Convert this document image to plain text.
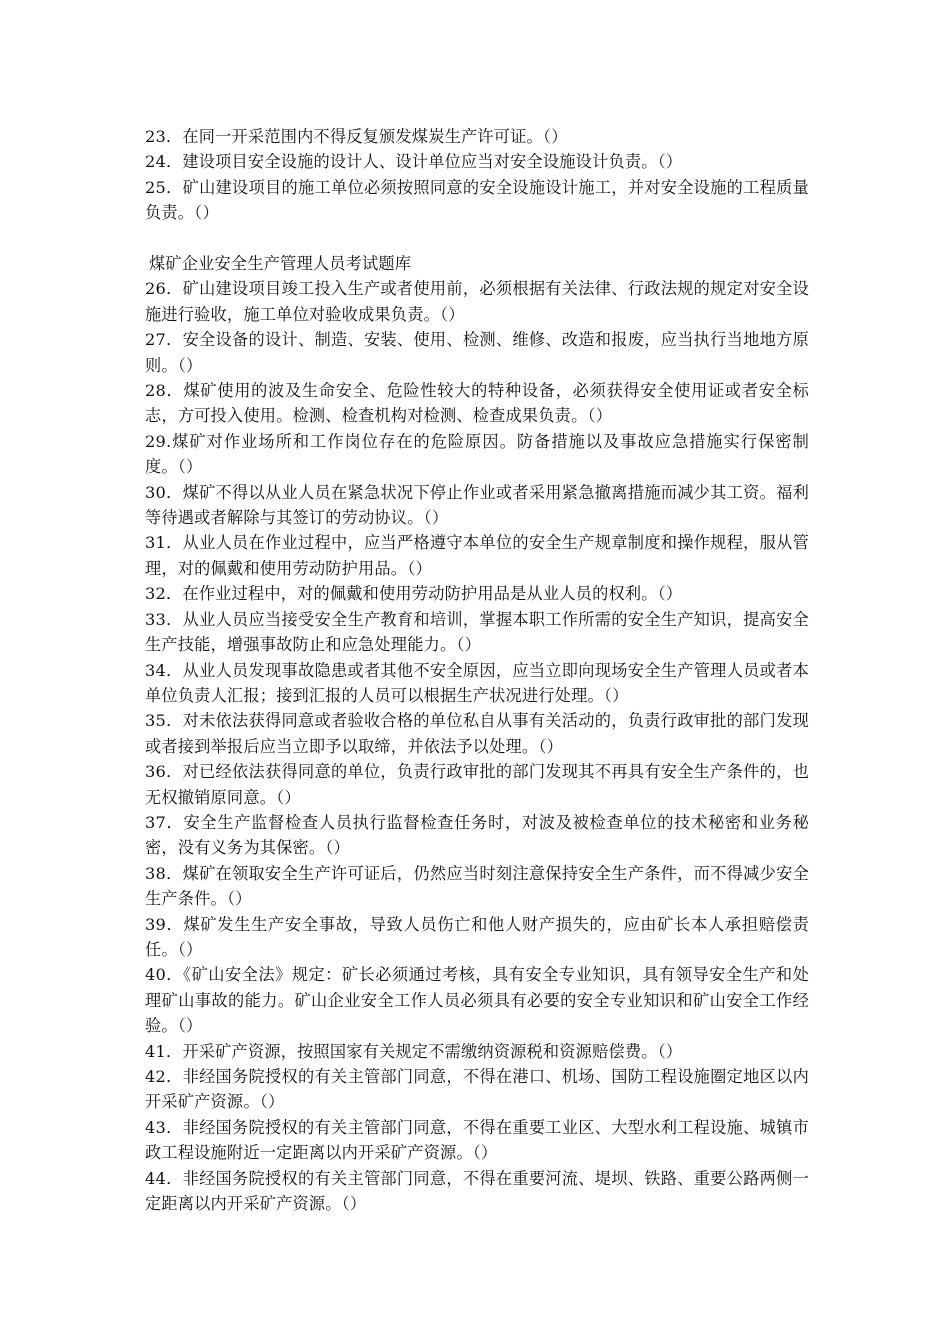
23．在同一开采范围内不得反复颁发煤炭生产许可证。（）

24．建设项目安全设施的设计人、设计单位应当对安全设施设计负责。（）

25．矿山建设项目的施工单位必须按照同意的安全设施设计施工，并对安全设施的工程质量负责。（）

煤矿企业安全生产管理人员考试题库

26．矿山建设项目竣工投入生产或者使用前，必须根据有关法律、行政法规的规定对安全设施进行验收，施工单位对验收成果负责。（）

27．安全设备的设计、制造、安装、使用、检测、维修、改造和报废，应当执行当地地方原则。（）

28．煤矿使用的波及生命安全、危险性较大的特种设备，必须获得安全使用证或者安全标志，方可投入使用。检测、检查机构对检测、检查成果负责。（）

29.煤矿对作业场所和工作岗位存在的危险原因。防备措施以及事故应急措施实行保密制度。（）

30．煤矿不得以从业人员在紧急状况下停止作业或者采用紧急撤离措施而减少其工资。福利等待遇或者解除与其签订的劳动协议。（）

31．从业人员在作业过程中，应当严格遵守本单位的安全生产规章制度和操作规程，服从管理，对的佩戴和使用劳动防护用品。（）

32．在作业过程中，对的佩戴和使用劳动防护用品是从业人员的权利。（）

33．从业人员应当接受安全生产教育和培训，掌握本职工作所需的安全生产知识，提高安全生产技能，增强事故防止和应急处理能力。（）

34．从业人员发现事故隐患或者其他不安全原因，应当立即向现场安全生产管理人员或者本单位负责人汇报；接到汇报的人员可以根据生产状况进行处理。（）

35．对未依法获得同意或者验收合格的单位私自从事有关活动的，负责行政审批的部门发现或者接到举报后应当立即予以取缔，并依法予以处理。（）

36．对已经依法获得同意的单位，负责行政审批的部门发现其不再具有安全生产条件的，也无权撤销原同意。（）

37．安全生产监督检查人员执行监督检查任务时，对波及被检查单位的技术秘密和业务秘密，没有义务为其保密。（）

38．煤矿在领取安全生产许可证后，仍然应当时刻注意保持安全生产条件，而不得减少安全生产条件。（）

39．煤矿发生生产安全事故，导致人员伤亡和他人财产损失的，应由矿长本人承担赔偿责任。（）

40．《矿山安全法》规定：矿长必须通过考核，具有安全专业知识，具有领导安全生产和处理矿山事故的能力。矿山企业安全工作人员必须具有必要的安全专业知识和矿山安全工作经验。（）

41．开采矿产资源，按照国家有关规定不需缴纳资源税和资源赔偿费。（）

42．非经国务院授权的有关主管部门同意，不得在港口、机场、国防工程设施圈定地区以内开采矿产资源。（）

43．非经国务院授权的有关主管部门同意，不得在重要工业区、大型水利工程设施、城镇市政工程设施附近一定距离以内开采矿产资源。（）

44．非经国务院授权的有关主管部门同意，不得在重要河流、堤坝、铁路、重要公路两侧一定距离以内开采矿产资源。（）
